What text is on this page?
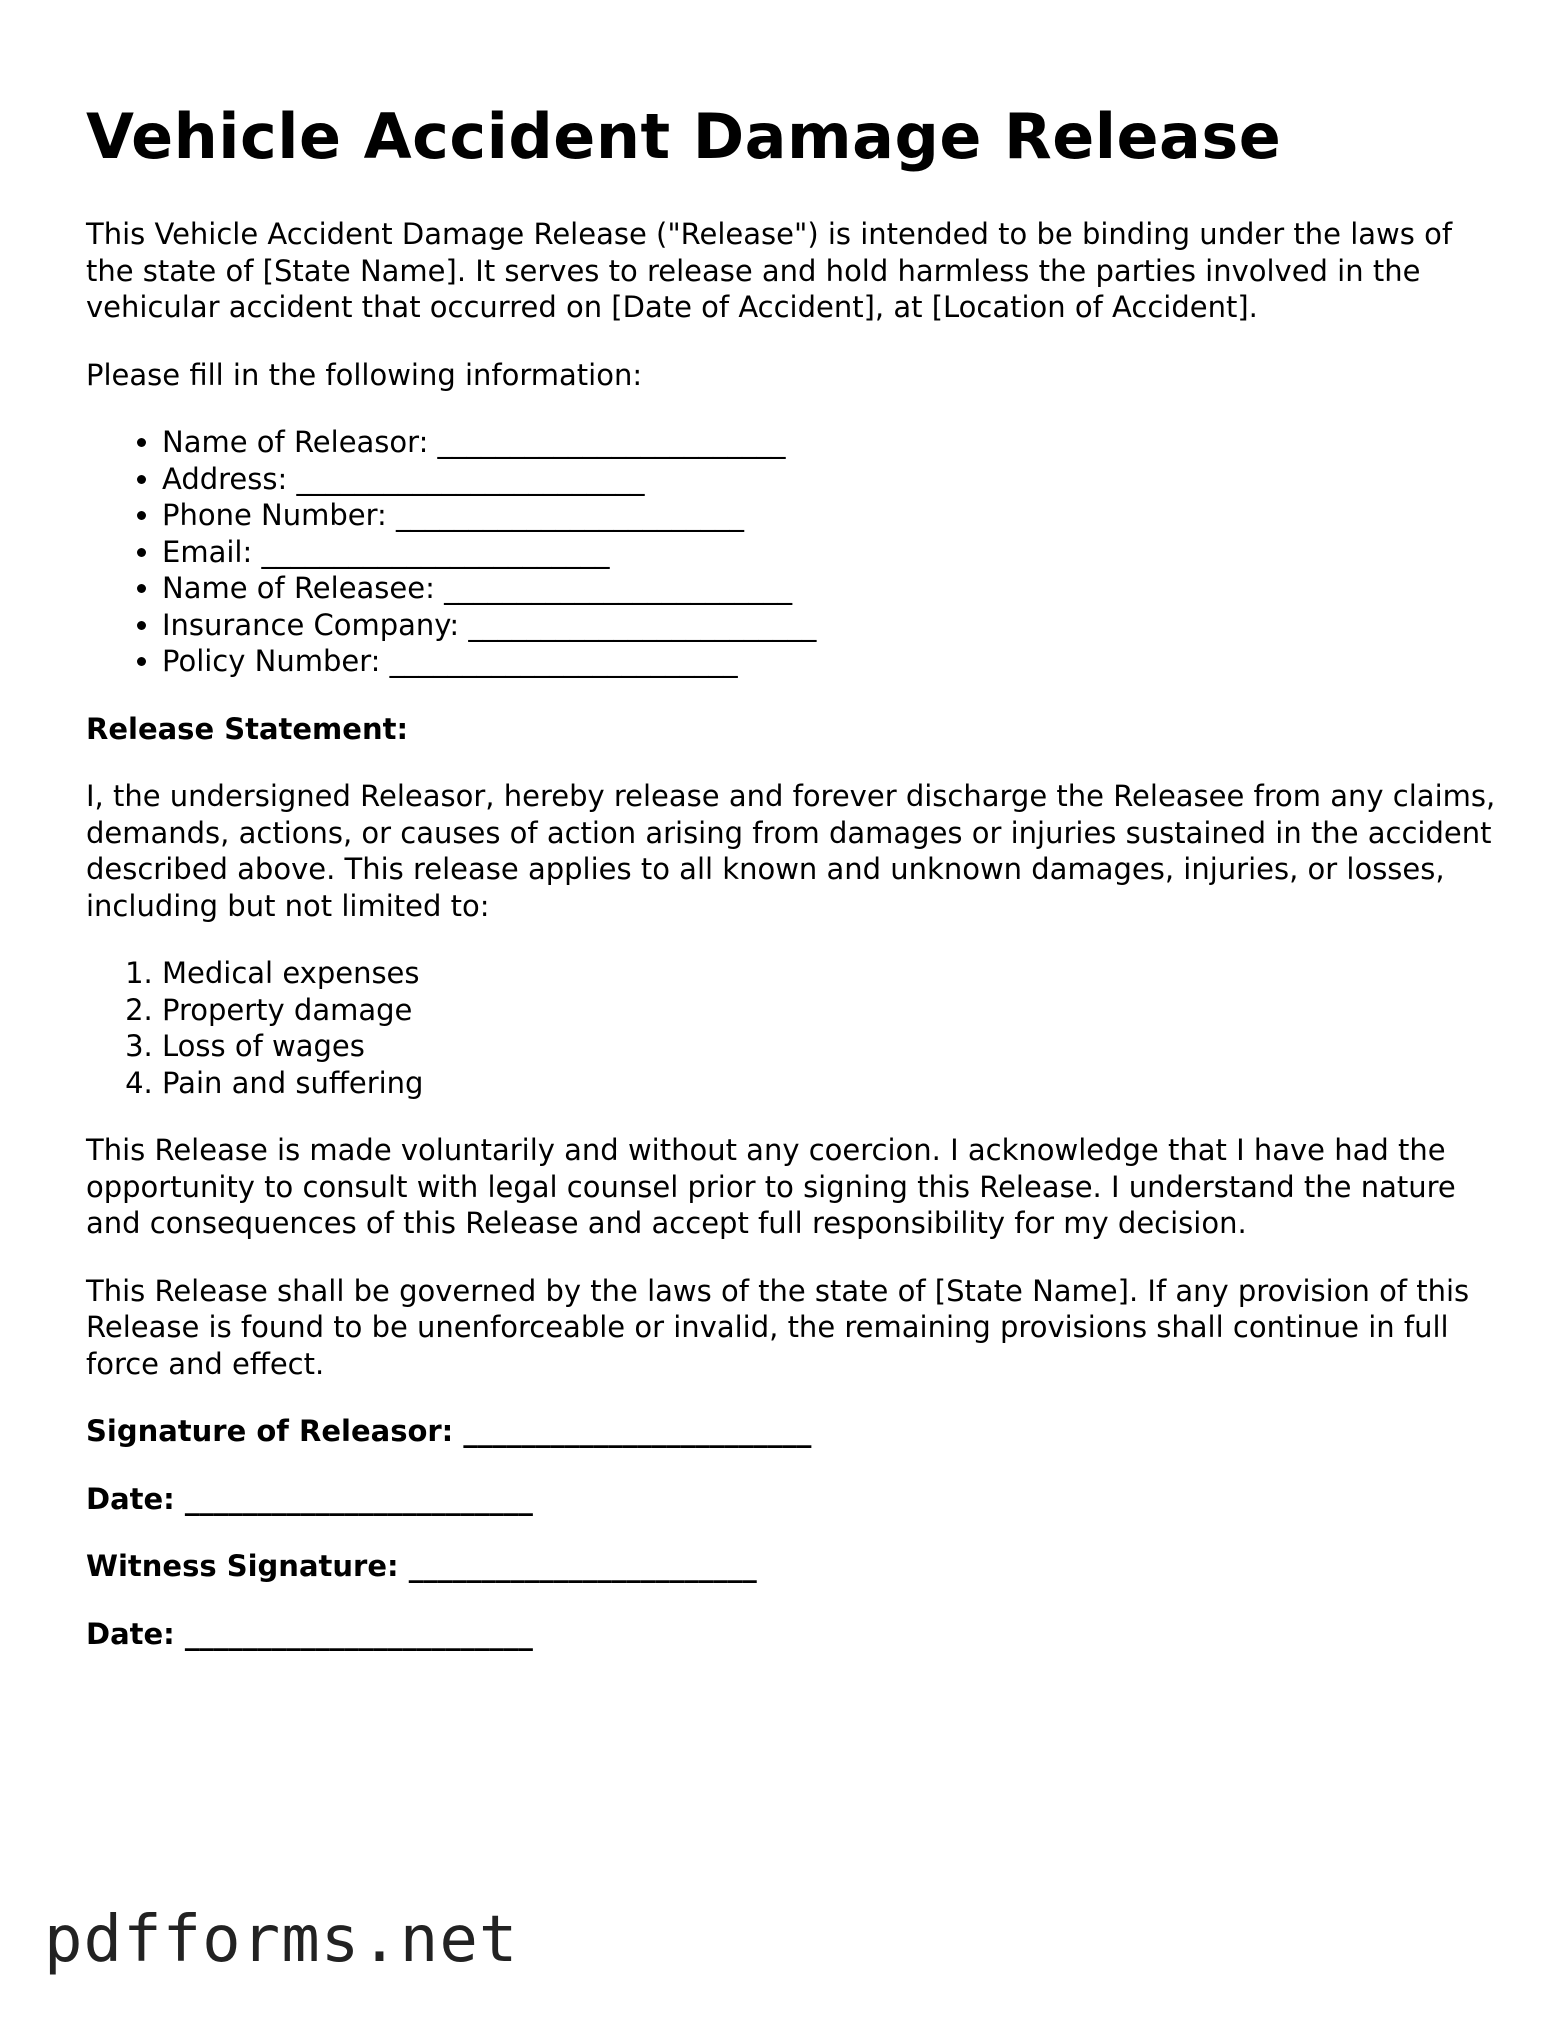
Vehicle Accident Damage Release

This Vehicle Accident Damage Release ("Release") is intended to be binding under the laws of the state of [State Name]. It serves to release and hold harmless the parties involved in the vehicular accident that occurred on [Date of Accident], at [Location of Accident].

Please fill in the following information:

• Name of Releasor: ________________________
• Address: ________________________
• Phone Number: ________________________
• Email: ________________________
• Name of Releasee: ________________________
• Insurance Company: ________________________
• Policy Number: ________________________

Release Statement:

I, the undersigned Releasor, hereby release and forever discharge the Releasee from any claims, demands, actions, or causes of action arising from damages or injuries sustained in the accident described above. This release applies to all known and unknown damages, injuries, or losses, including but not limited to:

1. Medical expenses
2. Property damage
3. Loss of wages
4. Pain and suffering

This Release is made voluntarily and without any coercion. I acknowledge that I have had the opportunity to consult with legal counsel prior to signing this Release. I understand the nature and consequences of this Release and accept full responsibility for my decision.

This Release shall be governed by the laws of the state of [State Name]. If any provision of this Release is found to be unenforceable or invalid, the remaining provisions shall continue in full force and effect.

Signature of Releasor: ________________________

Date: ________________________

Witness Signature: ________________________

Date: ________________________

pdfforms.net
